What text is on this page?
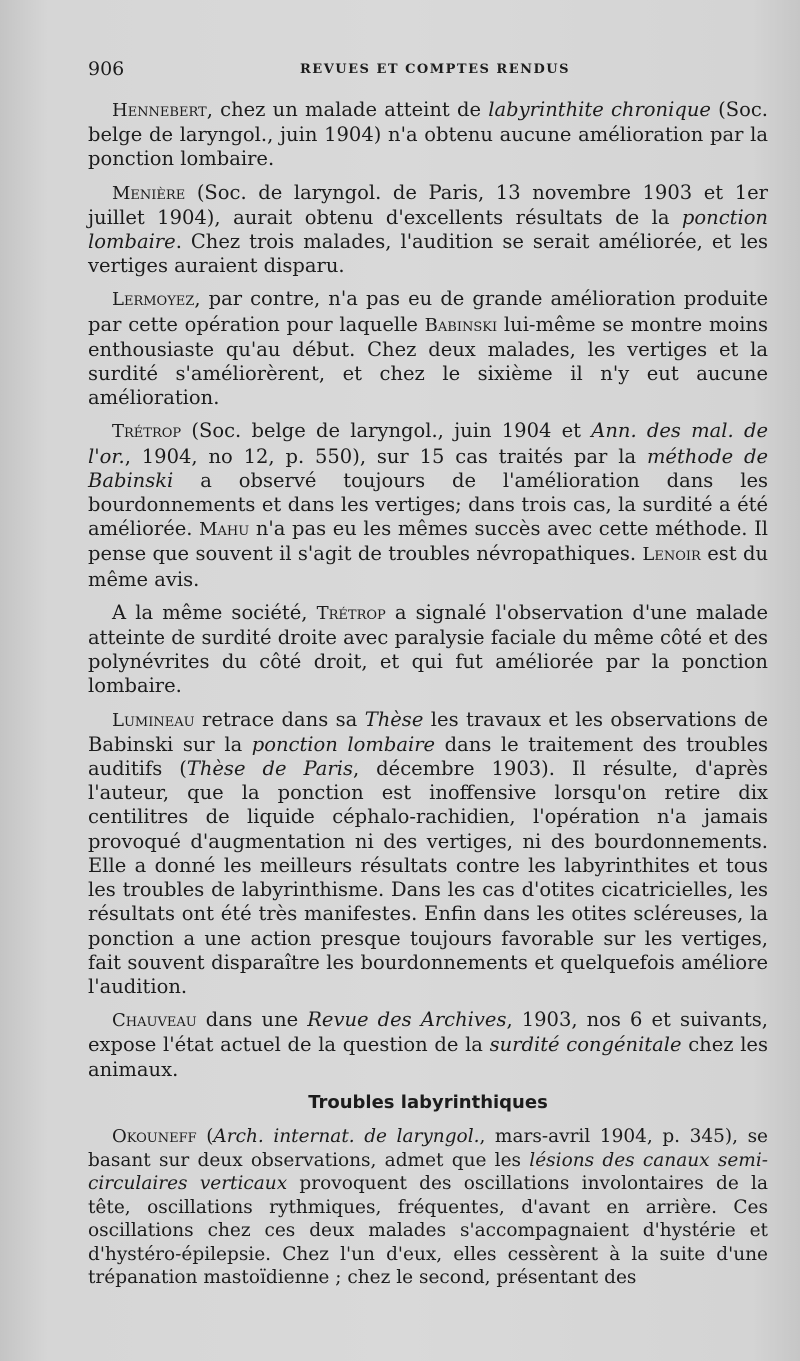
906	REVUES ET COMPTES RENDUS

Hennebert, chez un malade atteint de labyrinthite chronique (Soc. belge de laryngol., juin 1904) n'a obtenu aucune amélioration par la ponction lombaire.

Menière (Soc. de laryngol. de Paris, 13 novembre 1903 et 1er juillet 1904), aurait obtenu d'excellents résultats de la ponction lombaire. Chez trois malades, l'audition se serait améliorée, et les vertiges auraient disparu.

Lermoyez, par contre, n'a pas eu de grande amélioration produite par cette opération pour laquelle Babinski lui-même se montre moins enthousiaste qu'au début. Chez deux malades, les vertiges et la surdité s'améliorèrent, et chez le sixième il n'y eut aucune amélioration.

Trétrop (Soc. belge de laryngol., juin 1904 et Ann. des mal. de l'or., 1904, no 12, p. 550), sur 15 cas traités par la méthode de Babinski a observé toujours de l'amélioration dans les bourdonnements et dans les vertiges; dans trois cas, la surdité a été améliorée. Mahu n'a pas eu les mêmes succès avec cette méthode. Il pense que souvent il s'agit de troubles névropathiques. Lenoir est du même avis.

A la même société, Trétrop a signalé l'observation d'une malade atteinte de surdité droite avec paralysie faciale du même côté et des polynévrites du côté droit, et qui fut améliorée par la ponction lombaire.

Lumineau retrace dans sa Thèse les travaux et les observations de Babinski sur la ponction lombaire dans le traitement des troubles auditifs (Thèse de Paris, décembre 1903). Il résulte, d'après l'auteur, que la ponction est inoffensive lorsqu'on retire dix centilitres de liquide céphalo-rachidien, l'opération n'a jamais provoqué d'augmentation ni des vertiges, ni des bourdonnements. Elle a donné les meilleurs résultats contre les labyrinthites et tous les troubles de labyrinthisme. Dans les cas d'otites cicatricielles, les résultats ont été très manifestes. Enfin dans les otites scléreuses, la ponction a une action presque toujours favorable sur les vertiges, fait souvent disparaître les bourdonnements et quelquefois améliore l'audition.

Chauveau dans une Revue des Archives, 1903, nos 6 et suivants, expose l'état actuel de la question de la surdité congénitale chez les animaux.

Troubles labyrinthiques

Okouneff (Arch. internat. de laryngol., mars-avril 1904, p. 345), se basant sur deux observations, admet que les lésions des canaux semi-circulaires verticaux provoquent des oscillations involontaires de la tête, oscillations rythmiques, fréquentes, d'avant en arrière. Ces oscillations chez ces deux malades s'accompagnaient d'hystérie et d'hystéro-épilepsie. Chez l'un d'eux, elles cessèrent à la suite d'une trépanation mastoïdienne ; chez le second, présentant des
